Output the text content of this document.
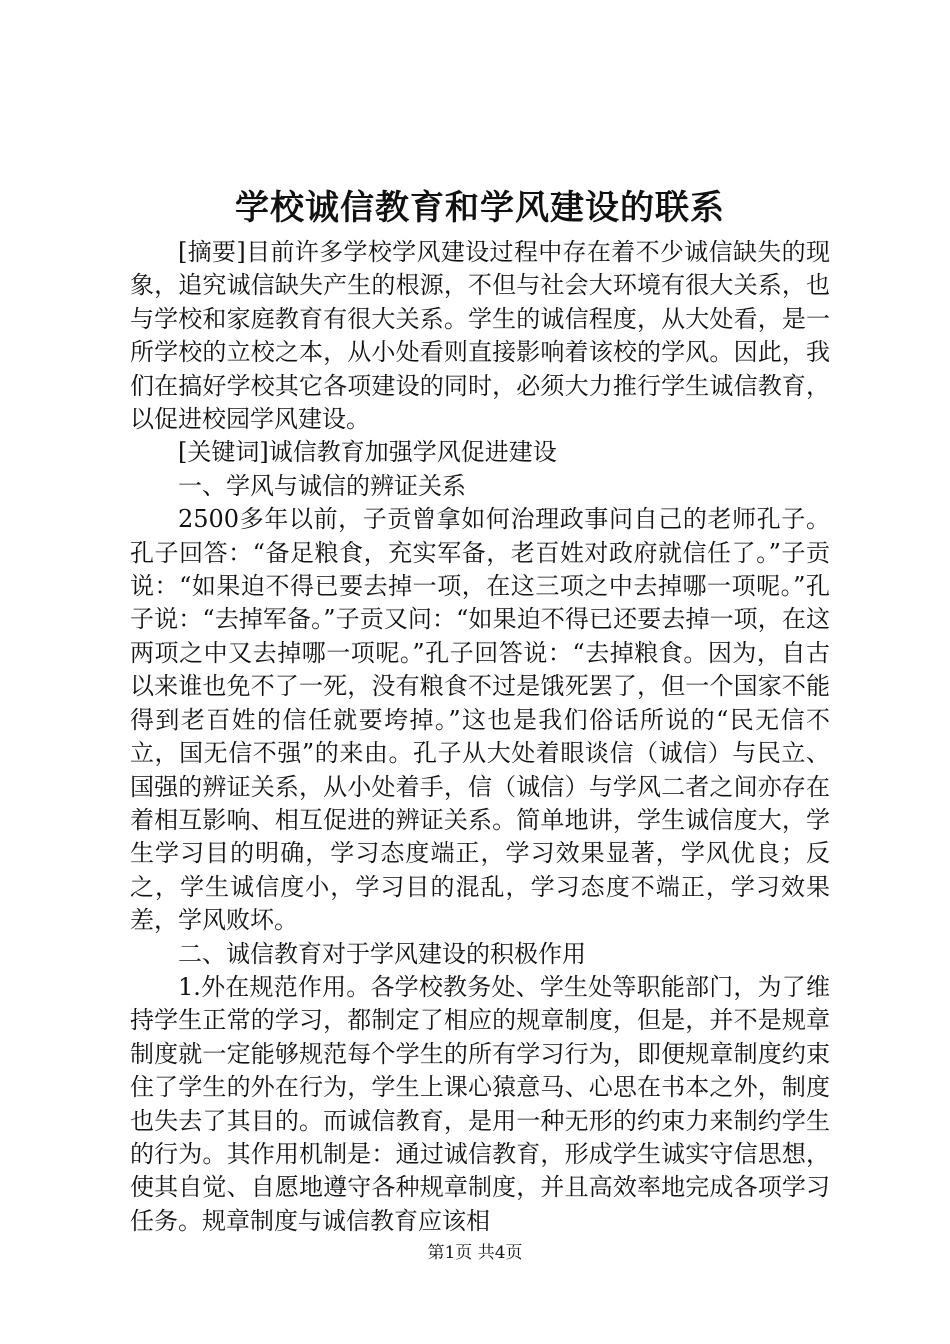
学校诚信教育和学风建设的联系

[摘要]目前许多学校学风建设过程中存在着不少诚信缺失的现象，追究诚信缺失产生的根源，不但与社会大环境有很大关系，也与学校和家庭教育有很大关系。学生的诚信程度，从大处看，是一所学校的立校之本，从小处看则直接影响着该校的学风。因此，我们在搞好学校其它各项建设的同时，必须大力推行学生诚信教育，以促进校园学风建设。

[关键词]诚信教育加强学风促进建设

一、学风与诚信的辨证关系

2500多年以前，子贡曾拿如何治理政事问自己的老师孔子。孔子回答：“备足粮食，充实军备，老百姓对政府就信任了。”子贡说：“如果迫不得已要去掉一项，在这三项之中去掉哪一项呢。”孔子说：“去掉军备。”子贡又问：“如果迫不得已还要去掉一项，在这两项之中又去掉哪一项呢。”孔子回答说：“去掉粮食。因为，自古以来谁也免不了一死，没有粮食不过是饿死罢了，但一个国家不能得到老百姓的信任就要垮掉。”这也是我们俗话所说的“民无信不立，国无信不强”的来由。孔子从大处着眼谈信（诚信）与民立、国强的辨证关系，从小处着手，信（诚信）与学风二者之间亦存在着相互影响、相互促进的辨证关系。简单地讲，学生诚信度大，学生学习目的明确，学习态度端正，学习效果显著，学风优良；反之，学生诚信度小，学习目的混乱，学习态度不端正，学习效果差，学风败坏。

二、诚信教育对于学风建设的积极作用

1.外在规范作用。各学校教务处、学生处等职能部门，为了维持学生正常的学习，都制定了相应的规章制度，但是，并不是规章制度就一定能够规范每个学生的所有学习行为，即便规章制度约束住了学生的外在行为，学生上课心猿意马、心思在书本之外，制度也失去了其目的。而诚信教育，是用一种无形的约束力来制约学生的行为。其作用机制是：通过诚信教育，形成学生诚实守信思想，使其自觉、自愿地遵守各种规章制度，并且高效率地完成各项学习任务。规章制度与诚信教育应该相

第1页 共4页
